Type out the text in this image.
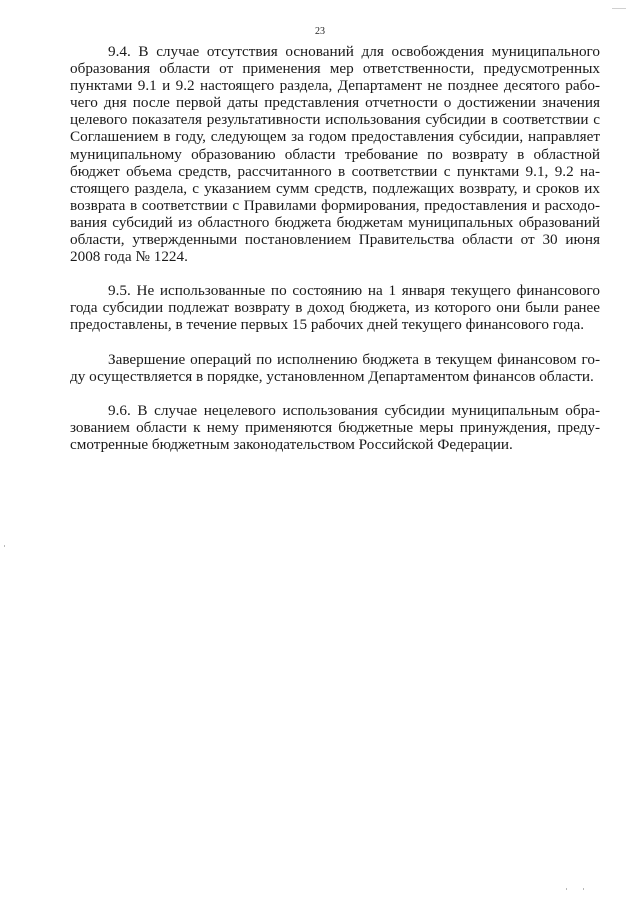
23

9.4. В случае отсутствия оснований для освобождения муниципального образования области от применения мер ответственности, предусмотренных пунктами 9.1 и 9.2 настоящего раздела, Департамент не позднее десятого рабочего дня после первой даты представления отчетности о достижении значения целевого показателя результативности использования субсидии в соответствии с Соглашением в году, следующем за годом предоставления субсидии, направляет муниципальному образованию области требование по возврату в областной бюджет объема средств, рассчитанного в соответствии с пунктами 9.1, 9.2 настоящего раздела, с указанием сумм средств, подлежащих возврату, и сроков их возврата в соответствии с Правилами формирования, предоставления и расходования субсидий из областного бюджета бюджетам муниципальных образований области, утвержденными постановлением Правительства области от 30 июня 2008 года № 1224.

9.5. Не использованные по состоянию на 1 января текущего финансового года субсидии подлежат возврату в доход бюджета, из которого они были ранее предоставлены, в течение первых 15 рабочих дней текущего финансового года.

Завершение операций по исполнению бюджета в текущем финансовом году осуществляется в порядке, установленном Департаментом финансов области.

9.6. В случае нецелевого использования субсидии муниципальным образованием области к нему применяются бюджетные меры принуждения, предусмотренные бюджетным законодательством Российской Федерации.
